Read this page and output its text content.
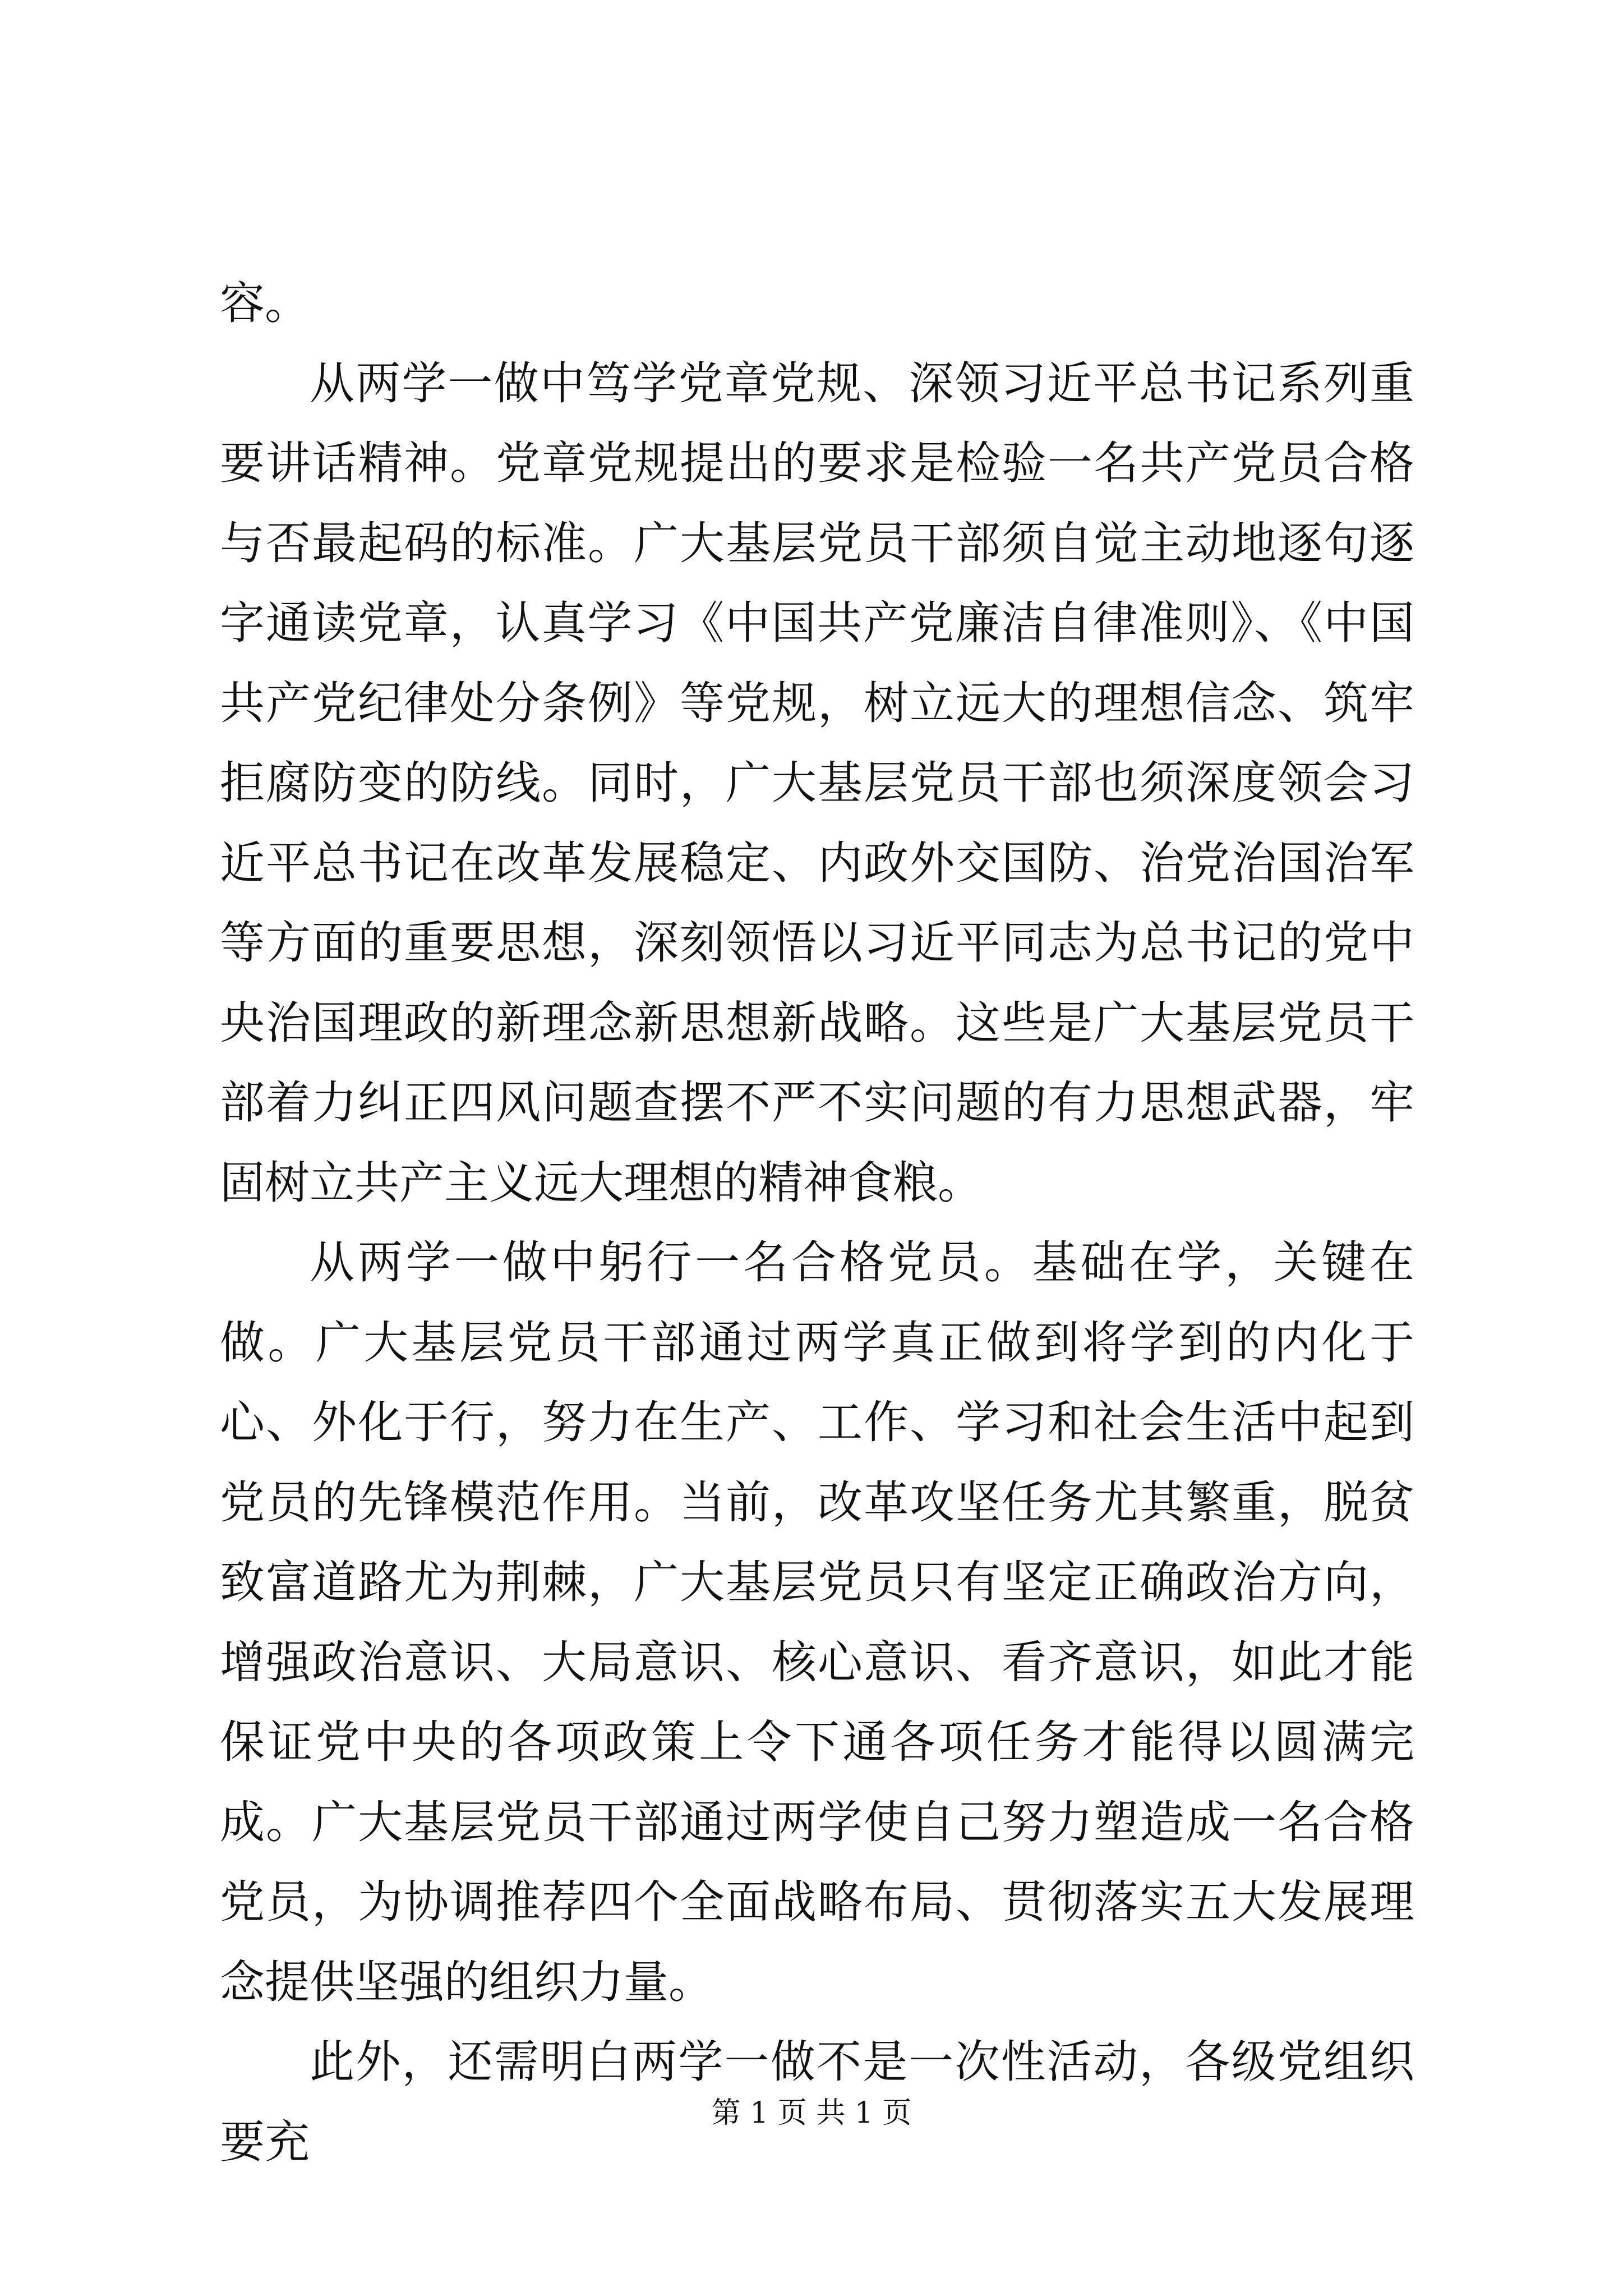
容。

从两学一做中笃学党章党规、深领习近平总书记系列重要讲话精神。党章党规提出的要求是检验一名共产党员合格与否最起码的标准。广大基层党员干部须自觉主动地逐句逐字通读党章，认真学习《中国共产党廉洁自律准则》、《中国共产党纪律处分条例》等党规，树立远大的理想信念、筑牢拒腐防变的防线。同时，广大基层党员干部也须深度领会习近平总书记在改革发展稳定、内政外交国防、治党治国治军等方面的重要思想，深刻领悟以习近平同志为总书记的党中央治国理政的新理念新思想新战略。这些是广大基层党员干部着力纠正四风问题查摆不严不实问题的有力思想武器，牢固树立共产主义远大理想的精神食粮。

从两学一做中躬行一名合格党员。基础在学，关键在做。广大基层党员干部通过两学真正做到将学到的内化于心、外化于行，努力在生产、工作、学习和社会生活中起到党员的先锋模范作用。当前，改革攻坚任务尤其繁重，脱贫致富道路尤为荆棘，广大基层党员只有坚定正确政治方向，增强政治意识、大局意识、核心意识、看齐意识，如此才能保证党中央的各项政策上令下通各项任务才能得以圆满完成。广大基层党员干部通过两学使自己努力塑造成一名合格党员，为协调推荐四个全面战略布局、贯彻落实五大发展理念提供坚强的组织力量。

此外，还需明白两学一做不是一次性活动，各级党组织要充

第 1 页 共 1 页
